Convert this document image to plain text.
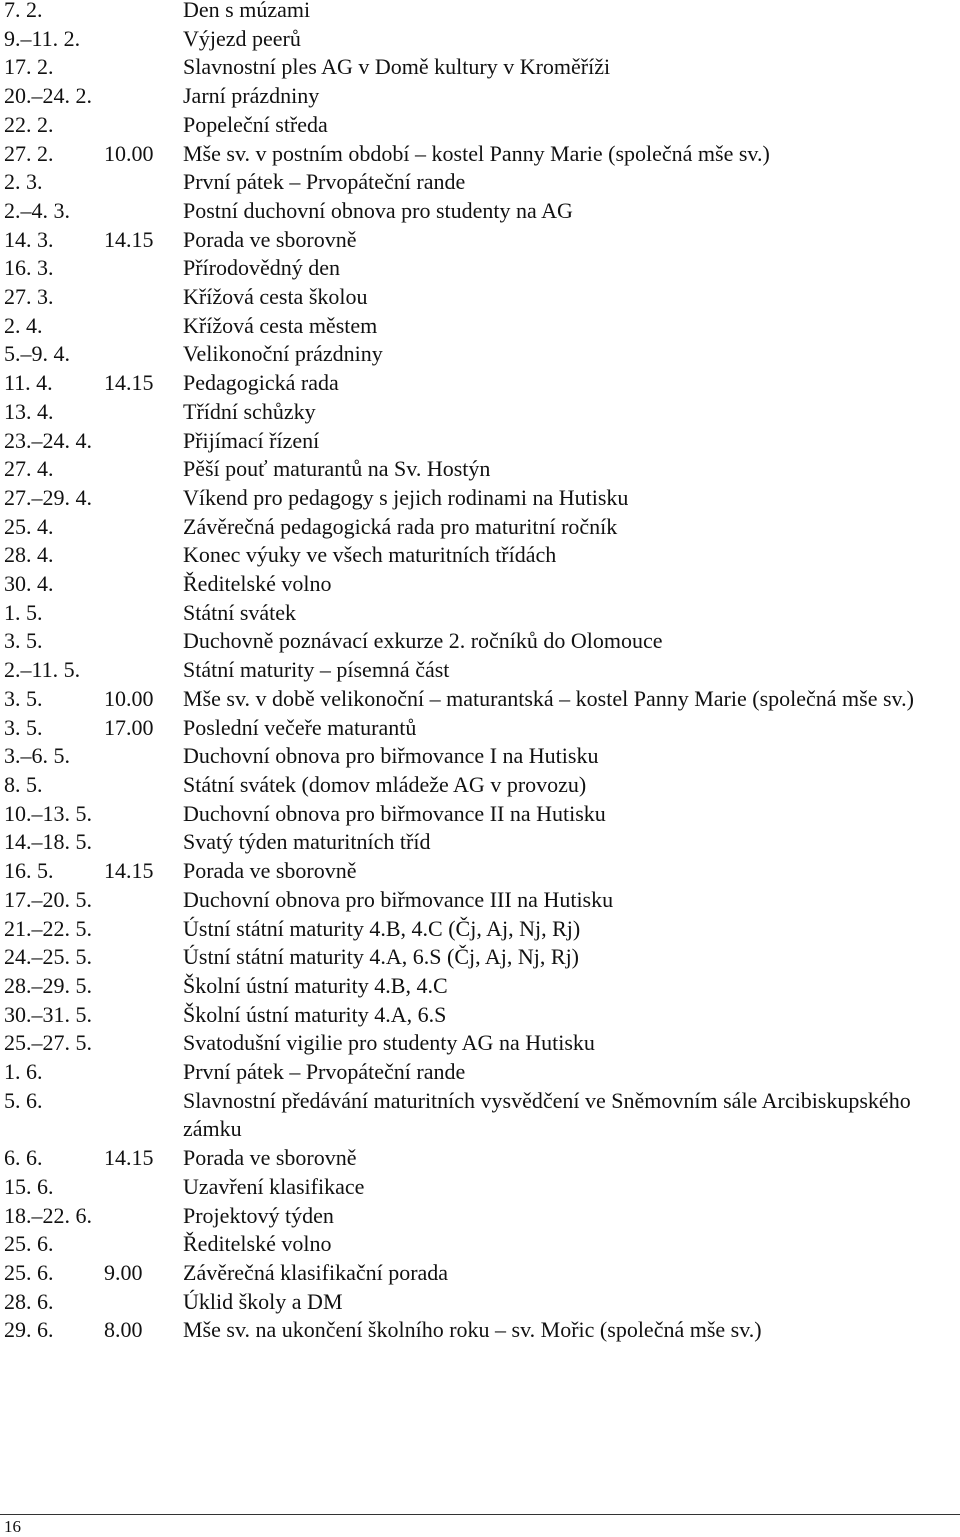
7. 2.	Den s múzami
9.–11. 2.	Výjezd peerů
17. 2.	Slavnostní ples AG v Domě kultury v Kroměříži
20.–24. 2.	Jarní prázdniny
22. 2.	Popeleční středa
27. 2.	10.00	Mše sv. v postním období – kostel Panny Marie (společná mše sv.)
2. 3.	První pátek – Prvopáteční rande
2.–4. 3.	Postní duchovní obnova pro studenty na AG
14. 3.	14.15	Porada ve sborovně
16. 3.	Přírodovědný den
27. 3.	Křížová cesta školou
2. 4.	Křížová cesta městem
5.–9. 4.	Velikonoční prázdniny
11. 4.	14.15	Pedagogická rada
13. 4.	Třídní schůzky
23.–24. 4.	Přijímací řízení
27. 4.	Pěší pouť maturantů na Sv. Hostýn
27.–29. 4.	Víkend pro pedagogy s jejich rodinami na Hutisku
25. 4.	Závěrečná pedagogická rada pro maturitní ročník
28. 4.	Konec výuky ve všech maturitních třídách
30. 4.	Ředitelské volno
1. 5.	Státní svátek
3. 5.	Duchovně poznávací exkurze 2. ročníků do Olomouce
2.–11. 5.	Státní maturity – písemná část
3. 5.	10.00	Mše sv. v době velikonoční – maturantská – kostel Panny Marie (společná mše sv.)
3. 5.	17.00	Poslední večeře maturantů
3.–6. 5.	Duchovní obnova pro biřmovance I na Hutisku
8. 5.	Státní svátek (domov mládeže AG v provozu)
10.–13. 5.	Duchovní obnova pro biřmovance II na Hutisku
14.–18. 5.	Svatý týden maturitních tříd
16. 5.	14.15	Porada ve sborovně
17.–20. 5.	Duchovní obnova pro biřmovance III na Hutisku
21.–22. 5.	Ústní státní maturity 4.B, 4.C (Čj, Aj, Nj, Rj)
24.–25. 5.	Ústní státní maturity 4.A, 6.S (Čj, Aj, Nj, Rj)
28.–29. 5.	Školní ústní maturity 4.B, 4.C
30.–31. 5.	Školní ústní maturity 4.A, 6.S
25.–27. 5.	Svatodušní vigilie pro studenty AG na Hutisku
1. 6.	První pátek – Prvopáteční rande
5. 6.	Slavnostní předávání maturitních vysvědčení ve Sněmovním sále Arcibiskupského zámku
6. 6.	14.15	Porada ve sborovně
15. 6.	Uzavření klasifikace
18.–22. 6.	Projektový týden
25. 6.	Ředitelské volno
25. 6.	9.00	Závěrečná klasifikační porada
28. 6.	Úklid školy a DM
29. 6.	8.00	Mše sv. na ukončení školního roku – sv. Mořic (společná mše sv.)
16
